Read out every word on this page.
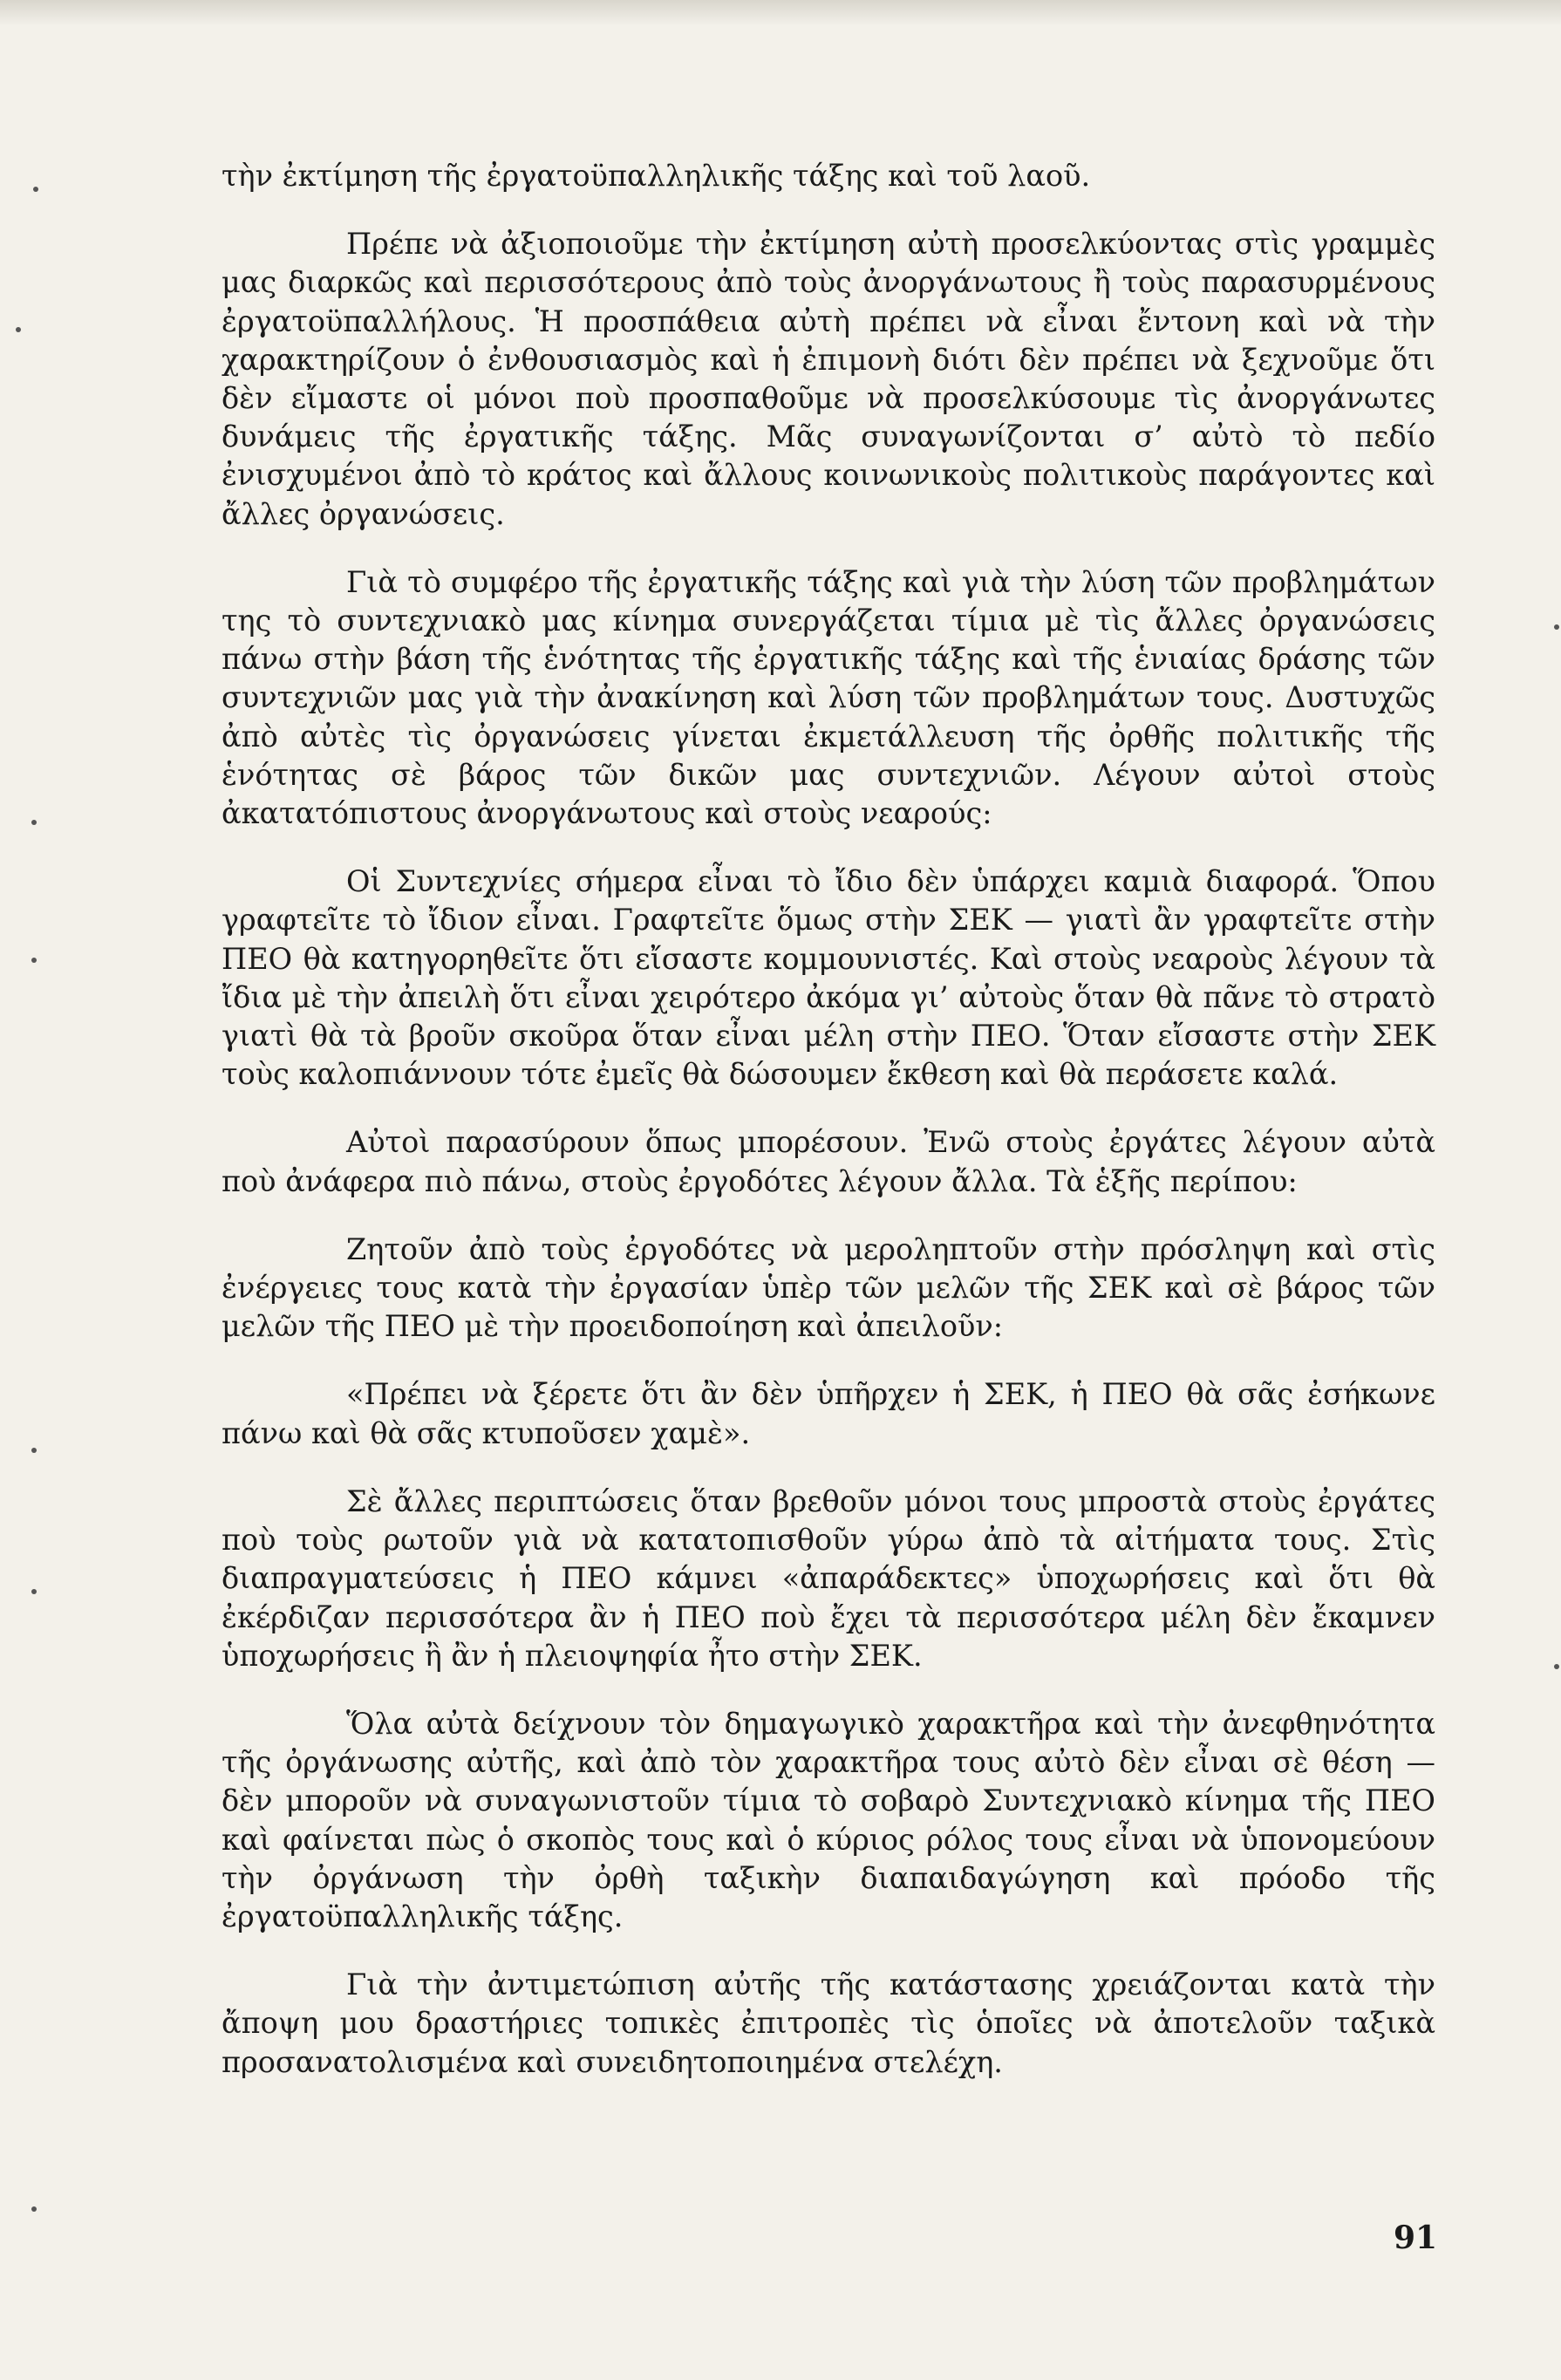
τὴν ἐκτίμηση τῆς ἐργατοϋπαλληλικῆς τάξης καὶ τοῦ λαοῦ.

Πρέπε νὰ ἀξιοποιοῦμε τὴν ἐκτίμηση αὐτὴ προσελκύοντας στὶς γραμμὲς μας διαρκῶς καὶ περισσότερους ἀπὸ τοὺς ἀνοργάνωτους ἢ τοὺς παρασυρμένους ἐργατοϋπαλλήλους. Ἡ προσπάθεια αὐτὴ πρέπει νὰ εἶναι ἔντονη καὶ νὰ τὴν χαρακτηρίζουν ὁ ἐνθουσιασμὸς καὶ ἡ ἐπιμονὴ διότι δὲν πρέπει νὰ ξεχνοῦμε ὅτι δὲν εἴμαστε οἱ μόνοι ποὺ προσπαθοῦμε νὰ προσελκύσουμε τὶς ἀνοργάνωτες δυνάμεις τῆς ἐργατικῆς τάξης. Μᾶς συναγωνίζονται σ’ αὐτὸ τὸ πεδίο ἐνισχυμένοι ἀπὸ τὸ κράτος καὶ ἄλλους κοινωνικοὺς πολιτικοὺς παράγοντες καὶ ἄλλες ὀργανώσεις.

Γιὰ τὸ συμφέρο τῆς ἐργατικῆς τάξης καὶ γιὰ τὴν λύση τῶν προβλημάτων της τὸ συντεχνιακὸ μας κίνημα συνεργάζεται τίμια μὲ τὶς ἄλλες ὀργανώσεις πάνω στὴν βάση τῆς ἑνότητας τῆς ἐργατικῆς τάξης καὶ τῆς ἑνιαίας δράσης τῶν συντεχνιῶν μας γιὰ τὴν ἀνακίνηση καὶ λύση τῶν προβλημάτων τους. Δυστυχῶς ἀπὸ αὐτὲς τὶς ὀργανώσεις γίνεται ἐκμετάλλευση τῆς ὀρθῆς πολιτικῆς τῆς ἑνότητας σὲ βάρος τῶν δικῶν μας συντεχνιῶν. Λέγουν αὐτοὶ στοὺς ἀκατατόπιστους ἀνοργάνωτους καὶ στοὺς νεαρούς:

Οἱ Συντεχνίες σήμερα εἶναι τὸ ἴδιο δὲν ὑπάρχει καμιὰ διαφορά. Ὅπου γραφτεῖτε τὸ ἴδιον εἶναι. Γραφτεῖτε ὅμως στὴν ΣΕΚ — γιατὶ ἂν γραφτεῖτε στὴν ΠΕΟ θὰ κατηγορηθεῖτε ὅτι εἴσαστε κομμουνιστές. Καὶ στοὺς νεαροὺς λέγουν τὰ ἴδια μὲ τὴν ἀπειλὴ ὅτι εἶναι χειρότερο ἀκόμα γι’ αὐτοὺς ὅταν θὰ πᾶνε τὸ στρατὸ γιατὶ θὰ τὰ βροῦν σκοῦρα ὅταν εἶναι μέλη στὴν ΠΕΟ. Ὅταν εἴσαστε στὴν ΣΕΚ τοὺς καλοπιάννουν τότε ἐμεῖς θὰ δώσουμεν ἔκθεση καὶ θὰ περάσετε καλά.

Αὐτοὶ παρασύρουν ὅπως μπορέσουν. Ἐνῶ στοὺς ἐργάτες λέγουν αὐτὰ ποὺ ἀνάφερα πιὸ πάνω, στοὺς ἐργοδότες λέγουν ἄλλα. Τὰ ἑξῆς περίπου:

Ζητοῦν ἀπὸ τοὺς ἐργοδότες νὰ μεροληπτοῦν στὴν πρόσληψη καὶ στὶς ἐνέργειες τους κατὰ τὴν ἐργασίαν ὑπὲρ τῶν μελῶν τῆς ΣΕΚ καὶ σὲ βάρος τῶν μελῶν τῆς ΠΕΟ μὲ τὴν προειδοποίηση καὶ ἀπειλοῦν:

«Πρέπει νὰ ξέρετε ὅτι ἂν δὲν ὑπῆρχεν ἡ ΣΕΚ, ἡ ΠΕΟ θὰ σᾶς ἐσήκωνε πάνω καὶ θὰ σᾶς κτυποῦσεν χαμὲ».

Σὲ ἄλλες περιπτώσεις ὅταν βρεθοῦν μόνοι τους μπροστὰ στοὺς ἐργάτες ποὺ τοὺς ρωτοῦν γιὰ νὰ κατατοπισθοῦν γύρω ἀπὸ τὰ αἰτήματα τους. Στὶς διαπραγματεύσεις ἡ ΠΕΟ κάμνει «ἀπαράδεκτες» ὑποχωρήσεις καὶ ὅτι θὰ ἐκέρδιζαν περισσότερα ἂν ἡ ΠΕΟ ποὺ ἔχει τὰ περισσότερα μέλη δὲν ἔκαμνεν ὑποχωρήσεις ἢ ἂν ἡ πλειοψηφία ἦτο στὴν ΣΕΚ.

Ὅλα αὐτὰ δείχνουν τὸν δημαγωγικὸ χαρακτῆρα καὶ τὴν ἀνεφθηνότητα τῆς ὀργάνωσης αὐτῆς, καὶ ἀπὸ τὸν χαρακτῆρα τους αὐτὸ δὲν εἶναι σὲ θέση — δὲν μποροῦν νὰ συναγωνιστοῦν τίμια τὸ σοβαρὸ Συντεχνιακὸ κίνημα τῆς ΠΕΟ καὶ φαίνεται πὼς ὁ σκοπὸς τους καὶ ὁ κύριος ρόλος τους εἶναι νὰ ὑπονομεύουν τὴν ὀργάνωση τὴν ὀρθὴ ταξικὴν διαπαιδαγώγηση καὶ πρόοδο τῆς ἐργατοϋπαλληλικῆς τάξης.

Γιὰ τὴν ἀντιμετώπιση αὐτῆς τῆς κατάστασης χρειάζονται κατὰ τὴν ἄποψη μου δραστήριες τοπικὲς ἐπιτροπὲς τὶς ὁποῖες νὰ ἀποτελοῦν ταξικὰ προσανατολισμένα καὶ συνειδητοποιημένα στελέχη.

91
